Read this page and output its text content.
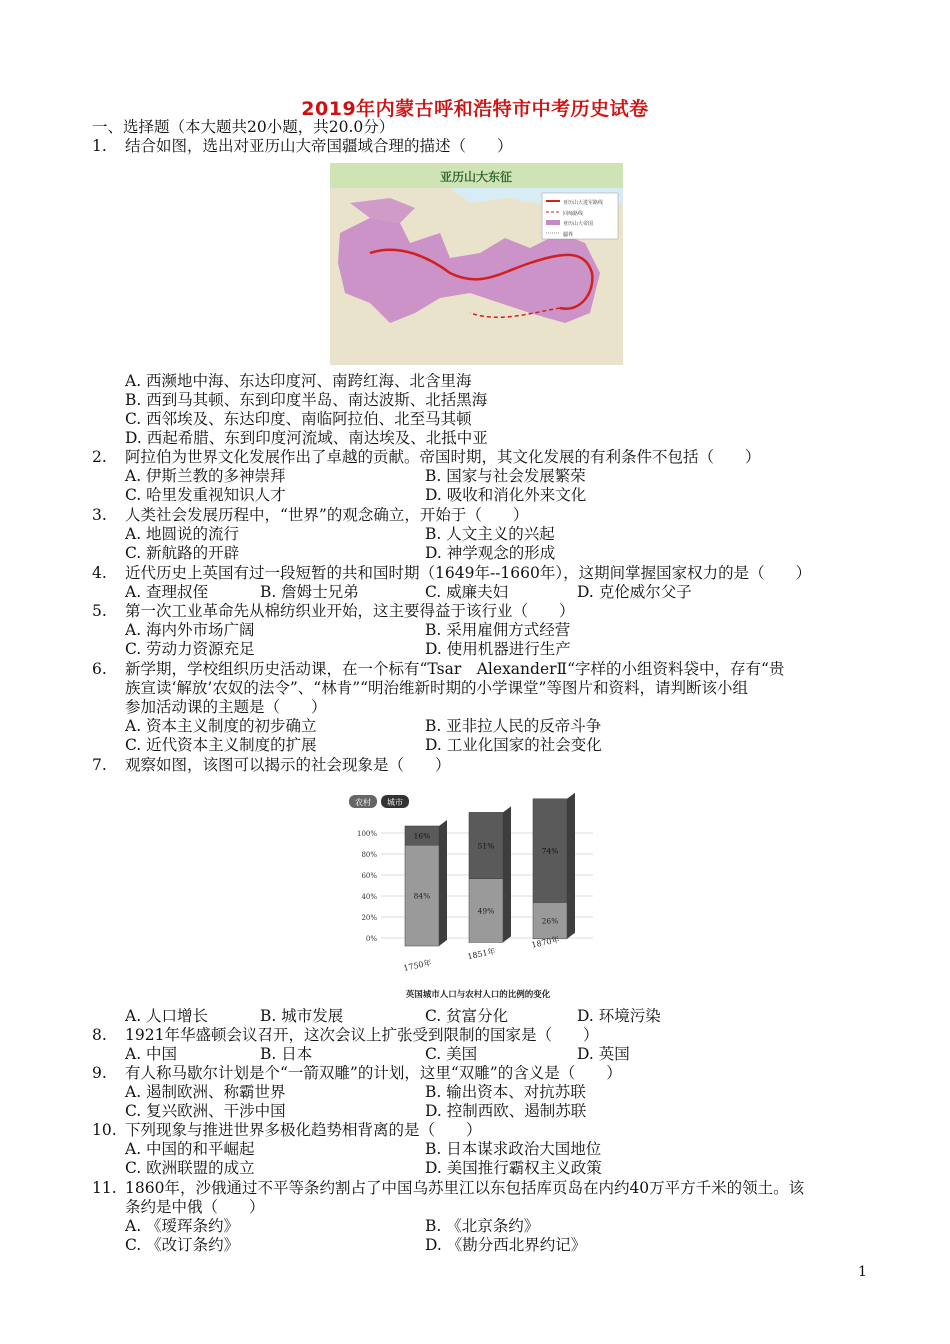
2019年内蒙古呼和浩特市中考历史试卷
一、选择题（本大题共20小题，共20.0分）
1. 结合如图，选出对亚历山大帝国疆域合理的描述（　　）
亚历山大东征
亚历山大进军路线
回师路线
亚历山大帝国
疆界
A. 西濒地中海、东达印度河、南跨红海、北含里海
B. 西到马其顿、东到印度半岛、南达波斯、北括黑海
C. 西邻埃及、东达印度、南临阿拉伯、北至马其顿
D. 西起希腊、东到印度河流域、南达埃及、北抵中亚
2. 阿拉伯为世界文化发展作出了卓越的贡献。帝国时期，其文化发展的有利条件不包括（　　）
A. 伊斯兰教的多神崇拜	B. 国家与社会发展繁荣
C. 哈里发重视知识人才	D. 吸收和消化外来文化
3. 人类社会发展历程中，“世界”的观念确立，开始于（　　）
A. 地圆说的流行	B. 人文主义的兴起
C. 新航路的开辟	D. 神学观念的形成
4. 近代历史上英国有过一段短暂的共和国时期（1649年--1660年），这期间掌握国家权力的是（　　）
A. 查理叔侄	B. 詹姆士兄弟	C. 威廉夫妇	D. 克伦威尔父子
5. 第一次工业革命先从棉纺织业开始，这主要得益于该行业（　　）
A. 海内外市场广阔	B. 采用雇佣方式经营
C. 劳动力资源充足	D. 使用机器进行生产
6. 新学期，学校组织历史活动课，在一个标有“Tsar　AlexanderⅡ“字样的小组资料袋中，存有“贵
族宣读‘解放’农奴的法令”、“林肯”“明治维新时期的小学课堂”等图片和资料，请判断该小组
参加活动课的主题是（　　）
A. 资本主义制度的初步确立	B. 亚非拉人民的反帝斗争
C. 近代资本主义制度的扩展	D. 工业化国家的社会变化
7. 观察如图，该图可以揭示的社会现象是（　　）
农村 城市
0%
20%
40%
60%
80%
100%
84%
16%
1750年
49%
51%
1851年
26%
74%
1870年
英国城市人口与农村人口的比例的变化
A. 人口增长	B. 城市发展	C. 贫富分化	D. 环境污染
8. 1921年华盛顿会议召开，这次会议上扩张受到限制的国家是（　　）
A. 中国	B. 日本	C. 美国	D. 英国
9. 有人称马歇尔计划是个“一箭双雕”的计划，这里“双雕”的含义是（　　）
A. 遏制欧洲、称霸世界	B. 输出资本、对抗苏联
C. 复兴欧洲、干涉中国	D. 控制西欧、遏制苏联
10. 下列现象与推进世界多极化趋势相背离的是（　　）
A. 中国的和平崛起	B. 日本谋求政治大国地位
C. 欧洲联盟的成立	D. 美国推行霸权主义政策
11. 1860年，沙俄通过不平等条约割占了中国乌苏里江以东包括库页岛在内约40万平方千米的领土。该
条约是中俄（　　）
A. 《瑷珲条约》	B. 《北京条约》
C. 《改订条约》	D. 《勘分西北界约记》
1
